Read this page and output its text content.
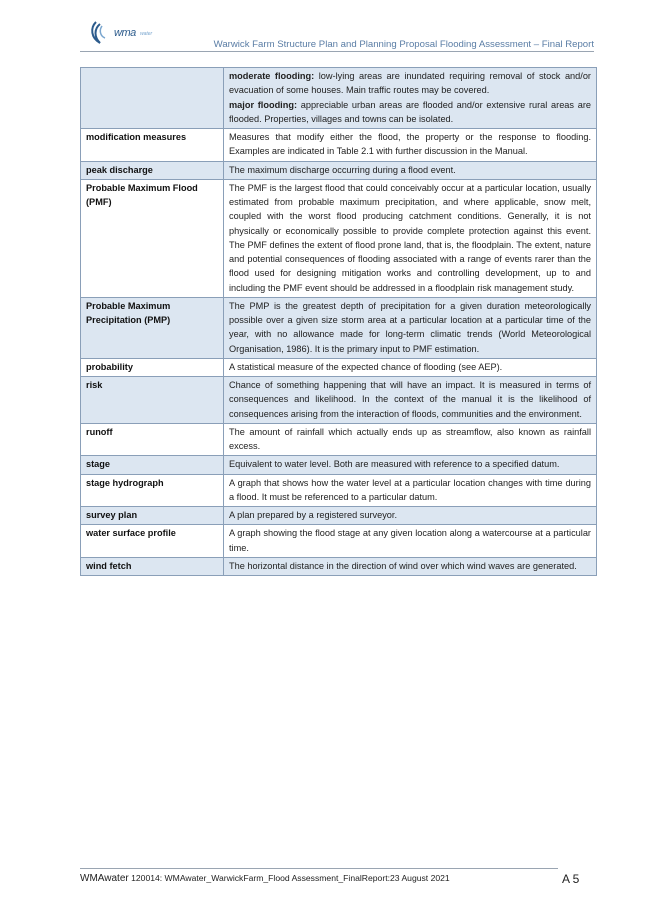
wma water
Warwick Farm Structure Plan and Planning Proposal Flooding Assessment – Final Report
	moderate flooding: low-lying areas are inundated requiring removal of stock and/or evacuation of some houses. Main traffic routes may be covered.
major flooding: appreciable urban areas are flooded and/or extensive rural areas are flooded. Properties, villages and towns can be isolated.
modification measures	Measures that modify either the flood, the property or the response to flooding. Examples are indicated in Table 2.1 with further discussion in the Manual.
peak discharge	The maximum discharge occurring during a flood event.
Probable Maximum Flood (PMF)	The PMF is the largest flood that could conceivably occur at a particular location, usually estimated from probable maximum precipitation, and where applicable, snow melt, coupled with the worst flood producing catchment conditions. Generally, it is not physically or economically possible to provide complete protection against this event. The PMF defines the extent of flood prone land, that is, the floodplain. The extent, nature and potential consequences of flooding associated with a range of events rarer than the flood used for designing mitigation works and controlling development, up to and including the PMF event should be addressed in a floodplain risk management study.
Probable Maximum Precipitation (PMP)	The PMP is the greatest depth of precipitation for a given duration meteorologically possible over a given size storm area at a particular location at a particular time of the year, with no allowance made for long-term climatic trends (World Meteorological Organisation, 1986). It is the primary input to PMF estimation.
probability	A statistical measure of the expected chance of flooding (see AEP).
risk	Chance of something happening that will have an impact. It is measured in terms of consequences and likelihood. In the context of the manual it is the likelihood of consequences arising from the interaction of floods, communities and the environment.
runoff	The amount of rainfall which actually ends up as streamflow, also known as rainfall excess.
stage	Equivalent to water level. Both are measured with reference to a specified datum.
stage hydrograph	A graph that shows how the water level at a particular location changes with time during a flood. It must be referenced to a particular datum.
survey plan	A plan prepared by a registered surveyor.
water surface profile	A graph showing the flood stage at any given location along a watercourse at a particular time.
wind fetch	The horizontal distance in the direction of wind over which wind waves are generated.
WMAwater 120014: WMAwater_WarwickFarm_Flood Assessment_FinalReport:23 August 2021	A 5
